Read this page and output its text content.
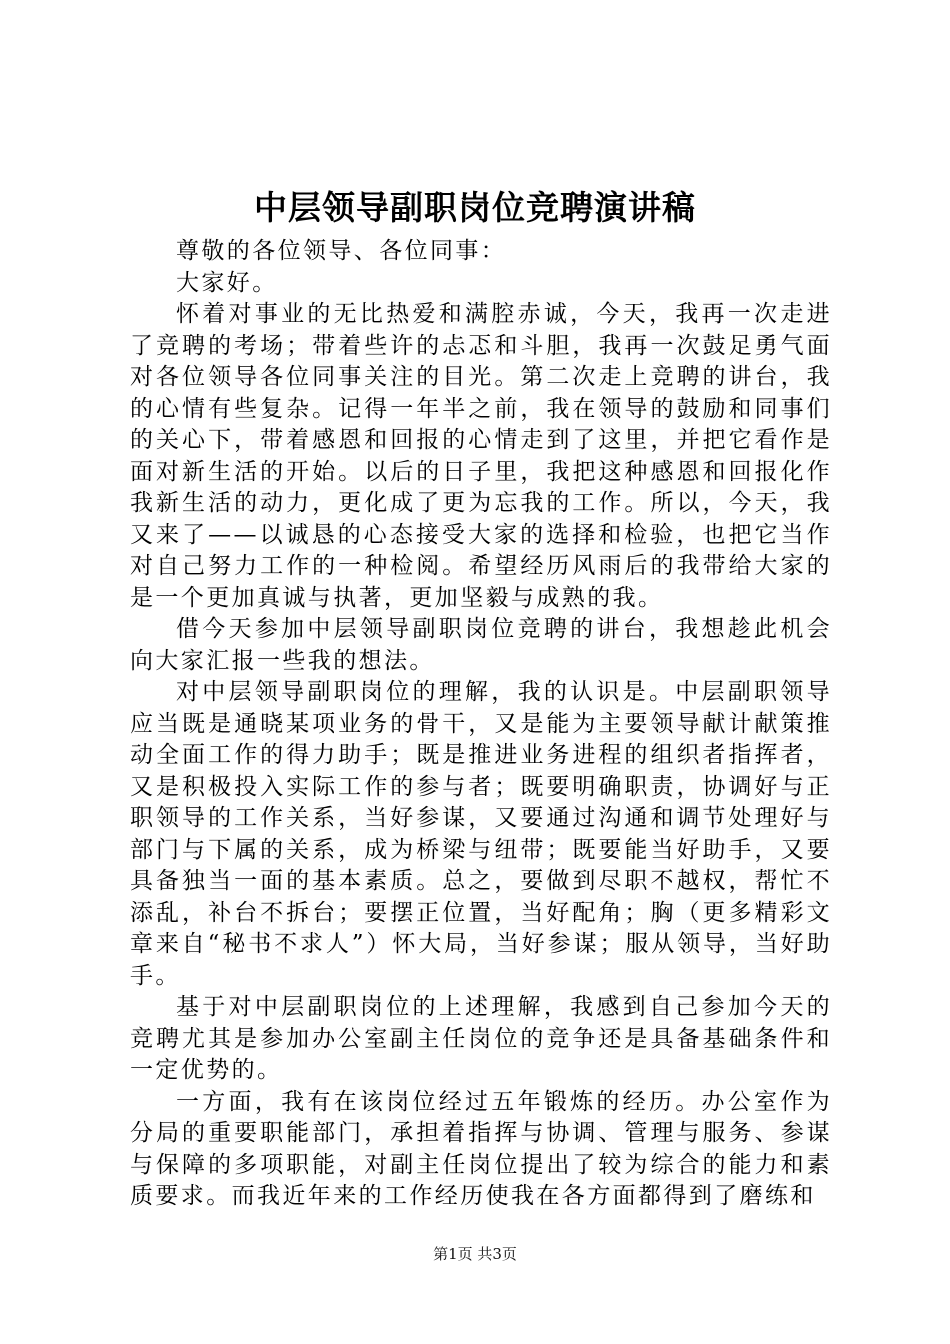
中层领导副职岗位竞聘演讲稿

尊敬的各位领导、各位同事：

大家好。

怀着对事业的无比热爱和满腔赤诚，今天，我再一次走进了竞聘的考场；带着些许的忐忑和斗胆，我再一次鼓足勇气面对各位领导各位同事关注的目光。第二次走上竞聘的讲台，我的心情有些复杂。记得一年半之前，我在领导的鼓励和同事们的关心下，带着感恩和回报的心情走到了这里，并把它看作是面对新生活的开始。以后的日子里，我把这种感恩和回报化作我新生活的动力，更化成了更为忘我的工作。所以，今天，我又来了——以诚恳的心态接受大家的选择和检验，也把它当作对自己努力工作的一种检阅。希望经历风雨后的我带给大家的是一个更加真诚与执著，更加坚毅与成熟的我。

借今天参加中层领导副职岗位竞聘的讲台，我想趁此机会向大家汇报一些我的想法。

对中层领导副职岗位的理解，我的认识是。中层副职领导应当既是通晓某项业务的骨干，又是能为主要领导献计献策推动全面工作的得力助手；既是推进业务进程的组织者指挥者，又是积极投入实际工作的参与者；既要明确职责，协调好与正职领导的工作关系，当好参谋，又要通过沟通和调节处理好与部门与下属的关系，成为桥梁与纽带；既要能当好助手，又要具备独当一面的基本素质。总之，要做到尽职不越权，帮忙不添乱，补台不拆台；要摆正位置，当好配角；胸（更多精彩文章来自“秘书不求人”）怀大局，当好参谋；服从领导，当好助手。

基于对中层副职岗位的上述理解，我感到自己参加今天的竞聘尤其是参加办公室副主任岗位的竞争还是具备基础条件和一定优势的。

一方面，我有在该岗位经过五年锻炼的经历。办公室作为分局的重要职能部门，承担着指挥与协调、管理与服务、参谋与保障的多项职能，对副主任岗位提出了较为综合的能力和素质要求。而我近年来的工作经历使我在各方面都得到了磨练和

第1页 共3页
